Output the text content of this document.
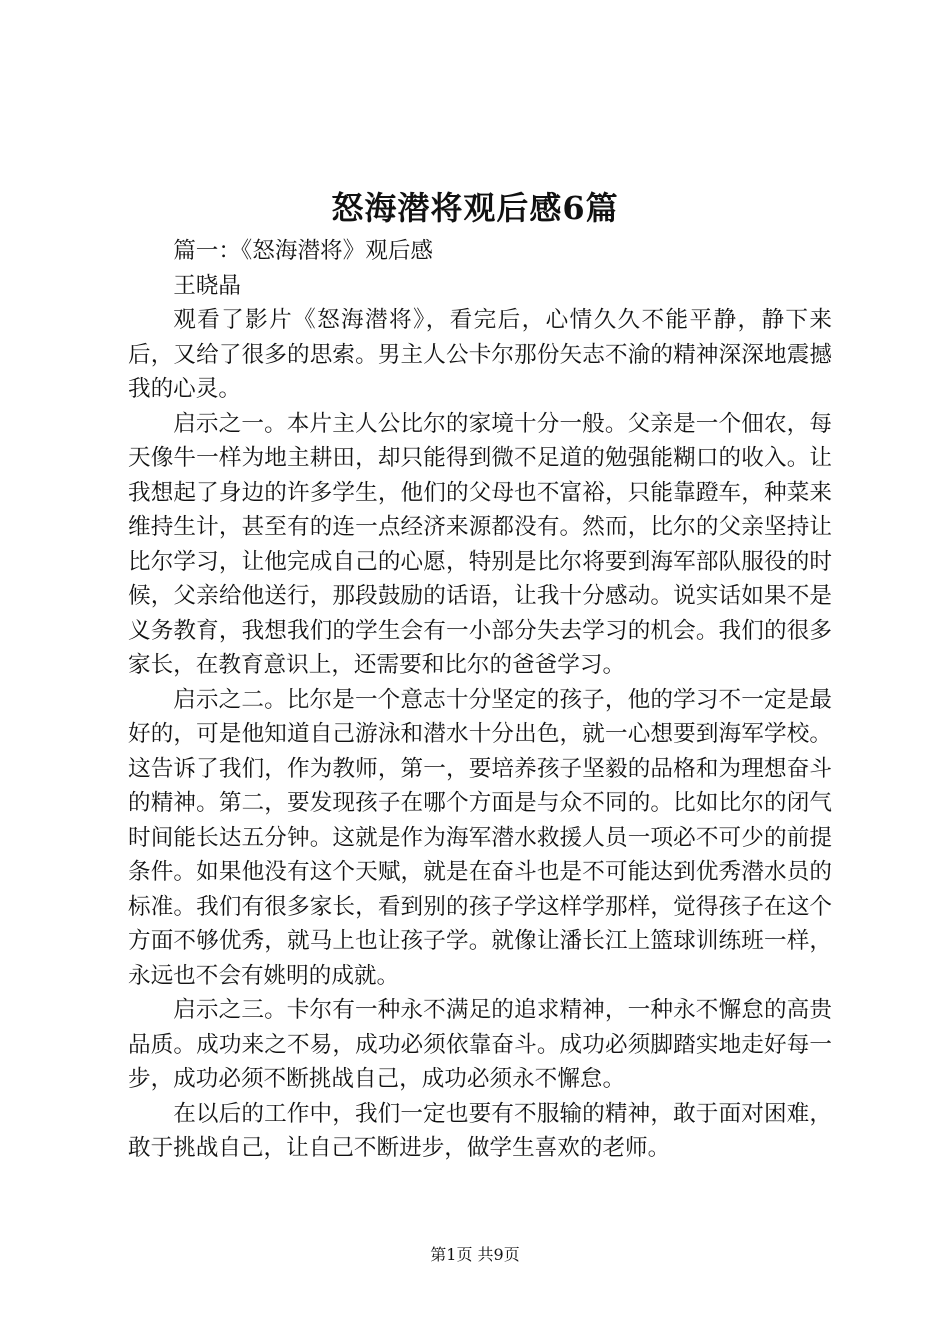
怒海潜将观后感6篇

篇一：《怒海潜将》观后感

王晓晶

观看了影片《怒海潜将》，看完后，心情久久不能平静，静下来后，又给了很多的思索。男主人公卡尔那份矢志不渝的精神深深地震撼我的心灵。

启示之一。本片主人公比尔的家境十分一般。父亲是一个佃农，每天像牛一样为地主耕田，却只能得到微不足道的勉强能糊口的收入。让我想起了身边的许多学生，他们的父母也不富裕，只能靠蹬车，种菜来维持生计，甚至有的连一点经济来源都没有。然而，比尔的父亲坚持让比尔学习，让他完成自己的心愿，特别是比尔将要到海军部队服役的时候，父亲给他送行，那段鼓励的话语，让我十分感动。说实话如果不是义务教育，我想我们的学生会有一小部分失去学习的机会。我们的很多家长，在教育意识上，还需要和比尔的爸爸学习。

启示之二。比尔是一个意志十分坚定的孩子，他的学习不一定是最好的，可是他知道自己游泳和潜水十分出色，就一心想要到海军学校。这告诉了我们，作为教师，第一，要培养孩子坚毅的品格和为理想奋斗的精神。第二，要发现孩子在哪个方面是与众不同的。比如比尔的闭气时间能长达五分钟。这就是作为海军潜水救援人员一项必不可少的前提条件。如果他没有这个天赋，就是在奋斗也是不可能达到优秀潜水员的标准。我们有很多家长，看到别的孩子学这样学那样，觉得孩子在这个方面不够优秀，就马上也让孩子学。就像让潘长江上篮球训练班一样，永远也不会有姚明的成就。

启示之三。卡尔有一种永不满足的追求精神，一种永不懈怠的高贵品质。成功来之不易，成功必须依靠奋斗。成功必须脚踏实地走好每一步，成功必须不断挑战自己，成功必须永不懈怠。

在以后的工作中，我们一定也要有不服输的精神，敢于面对困难，敢于挑战自己，让自己不断进步，做学生喜欢的老师。

第1页 共9页
